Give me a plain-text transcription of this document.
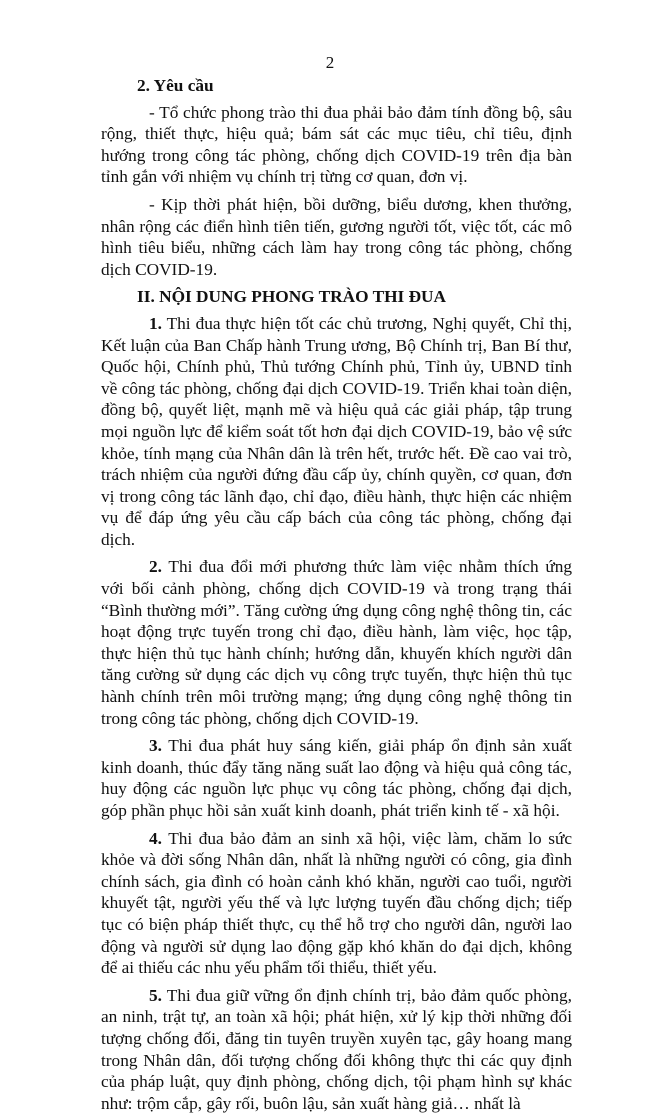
2

2. Yêu cầu

- Tổ chức phong trào thi đua phải bảo đảm tính đồng bộ, sâu rộng, thiết thực, hiệu quả; bám sát các mục tiêu, chỉ tiêu, định hướng trong công tác phòng, chống dịch COVID-19 trên địa bàn tỉnh gắn với nhiệm vụ chính trị từng cơ quan, đơn vị.

- Kịp thời phát hiện, bồi dưỡng, biểu dương, khen thưởng, nhân rộng các điển hình tiên tiến, gương người tốt, việc tốt, các mô hình tiêu biểu, những cách làm hay trong công tác phòng, chống dịch COVID-19.

II. NỘI DUNG PHONG TRÀO THI ĐUA

1. Thi đua thực hiện tốt các chủ trương, Nghị quyết, Chỉ thị, Kết luận của Ban Chấp hành Trung ương, Bộ Chính trị, Ban Bí thư, Quốc hội, Chính phủ, Thủ tướng Chính phủ, Tỉnh ủy, UBND tỉnh về công tác phòng, chống đại dịch COVID-19. Triển khai toàn diện, đồng bộ, quyết liệt, mạnh mẽ và hiệu quả các giải pháp, tập trung mọi nguồn lực để kiểm soát tốt hơn đại dịch COVID-19, bảo vệ sức khỏe, tính mạng của Nhân dân là trên hết, trước hết. Đề cao vai trò, trách nhiệm của người đứng đầu cấp ủy, chính quyền, cơ quan, đơn vị trong công tác lãnh đạo, chỉ đạo, điều hành, thực hiện các nhiệm vụ để đáp ứng yêu cầu cấp bách của công tác phòng, chống đại dịch.

2. Thi đua đổi mới phương thức làm việc nhằm thích ứng với bối cảnh phòng, chống dịch COVID-19 và trong trạng thái “Bình thường mới”. Tăng cường ứng dụng công nghệ thông tin, các hoạt động trực tuyến trong chỉ đạo, điều hành, làm việc, học tập, thực hiện thủ tục hành chính; hướng dẫn, khuyến khích người dân tăng cường sử dụng các dịch vụ công trực tuyến, thực hiện thủ tục hành chính trên môi trường mạng; ứng dụng công nghệ thông tin trong công tác phòng, chống dịch COVID-19.

3. Thi đua phát huy sáng kiến, giải pháp ổn định sản xuất kinh doanh, thúc đẩy tăng năng suất lao động và hiệu quả công tác, huy động các nguồn lực phục vụ công tác phòng, chống đại dịch, góp phần phục hồi sản xuất kinh doanh, phát triển kinh tế - xã hội.

4. Thi đua bảo đảm an sinh xã hội, việc làm, chăm lo sức khỏe và đời sống Nhân dân, nhất là những người có công, gia đình chính sách, gia đình có hoàn cảnh khó khăn, người cao tuổi, người khuyết tật, người yếu thế và lực lượng tuyến đầu chống dịch; tiếp tục có biện pháp thiết thực, cụ thể hỗ trợ cho người dân, người lao động và người sử dụng lao động gặp khó khăn do đại dịch, không để ai thiếu các nhu yếu phẩm tối thiểu, thiết yếu.

5. Thi đua giữ vững ổn định chính trị, bảo đảm quốc phòng, an ninh, trật tự, an toàn xã hội; phát hiện, xử lý kịp thời những đối tượng chống đối, đăng tin tuyên truyền xuyên tạc, gây hoang mang trong Nhân dân, đối tượng chống đối không thực thi các quy định của pháp luật, quy định phòng, chống dịch, tội phạm hình sự khác như: trộm cắp, gây rối, buôn lậu, sản xuất hàng giả… nhất là
